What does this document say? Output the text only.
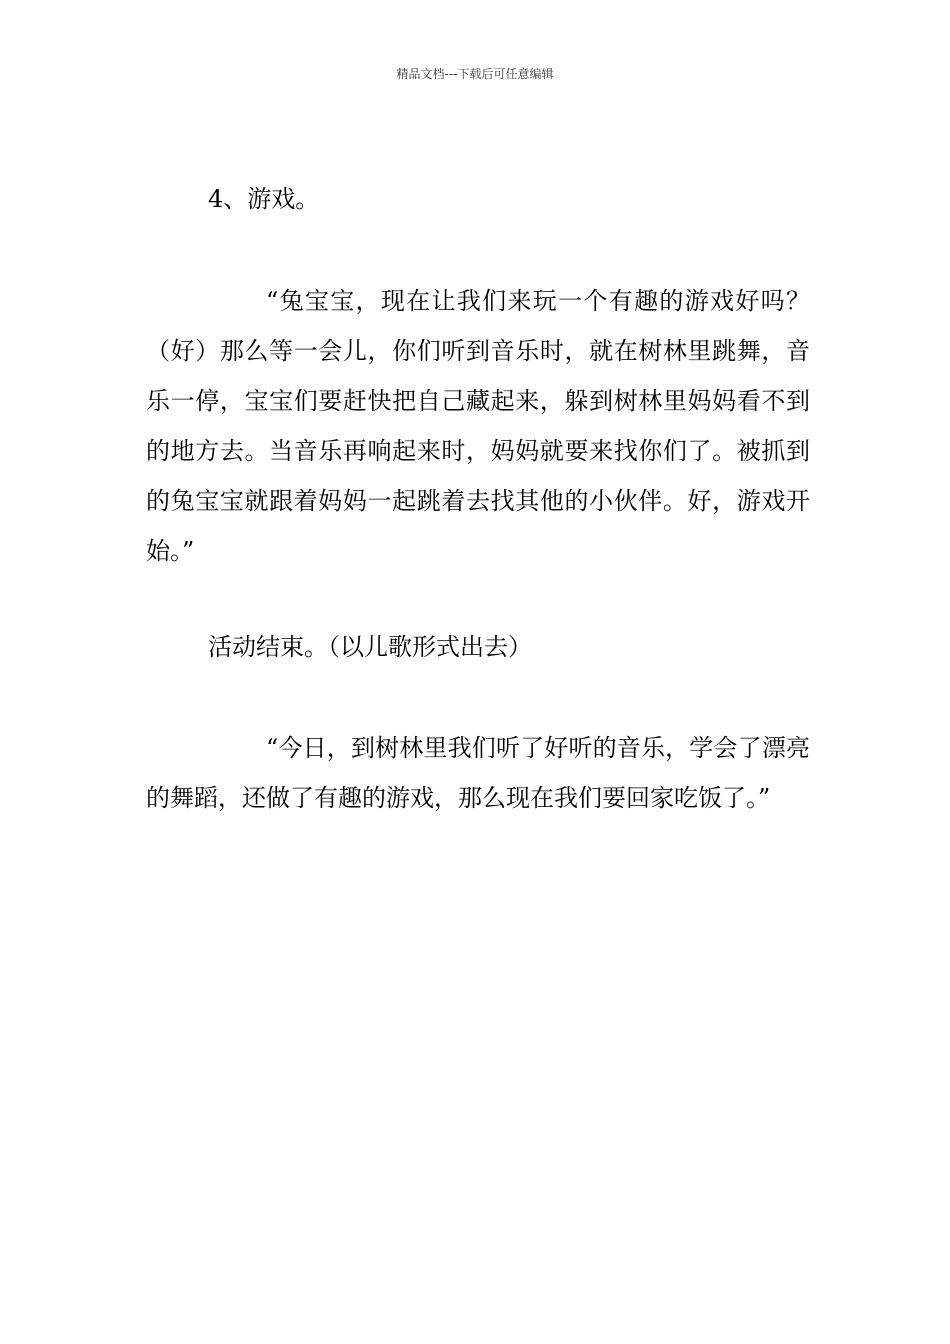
精品文档---下载后可任意编辑

4、游戏。

“兔宝宝，现在让我们来玩一个有趣的游戏好吗？（好）那么等一会儿，你们听到音乐时，就在树林里跳舞，音乐一停，宝宝们要赶快把自己藏起来，躲到树林里妈妈看不到的地方去。当音乐再响起来时，妈妈就要来找你们了。被抓到的兔宝宝就跟着妈妈一起跳着去找其他的小伙伴。好，游戏开始。”

活动结束。（以儿歌形式出去）

“今日，到树林里我们听了好听的音乐，学会了漂亮的舞蹈，还做了有趣的游戏，那么现在我们要回家吃饭了。”
